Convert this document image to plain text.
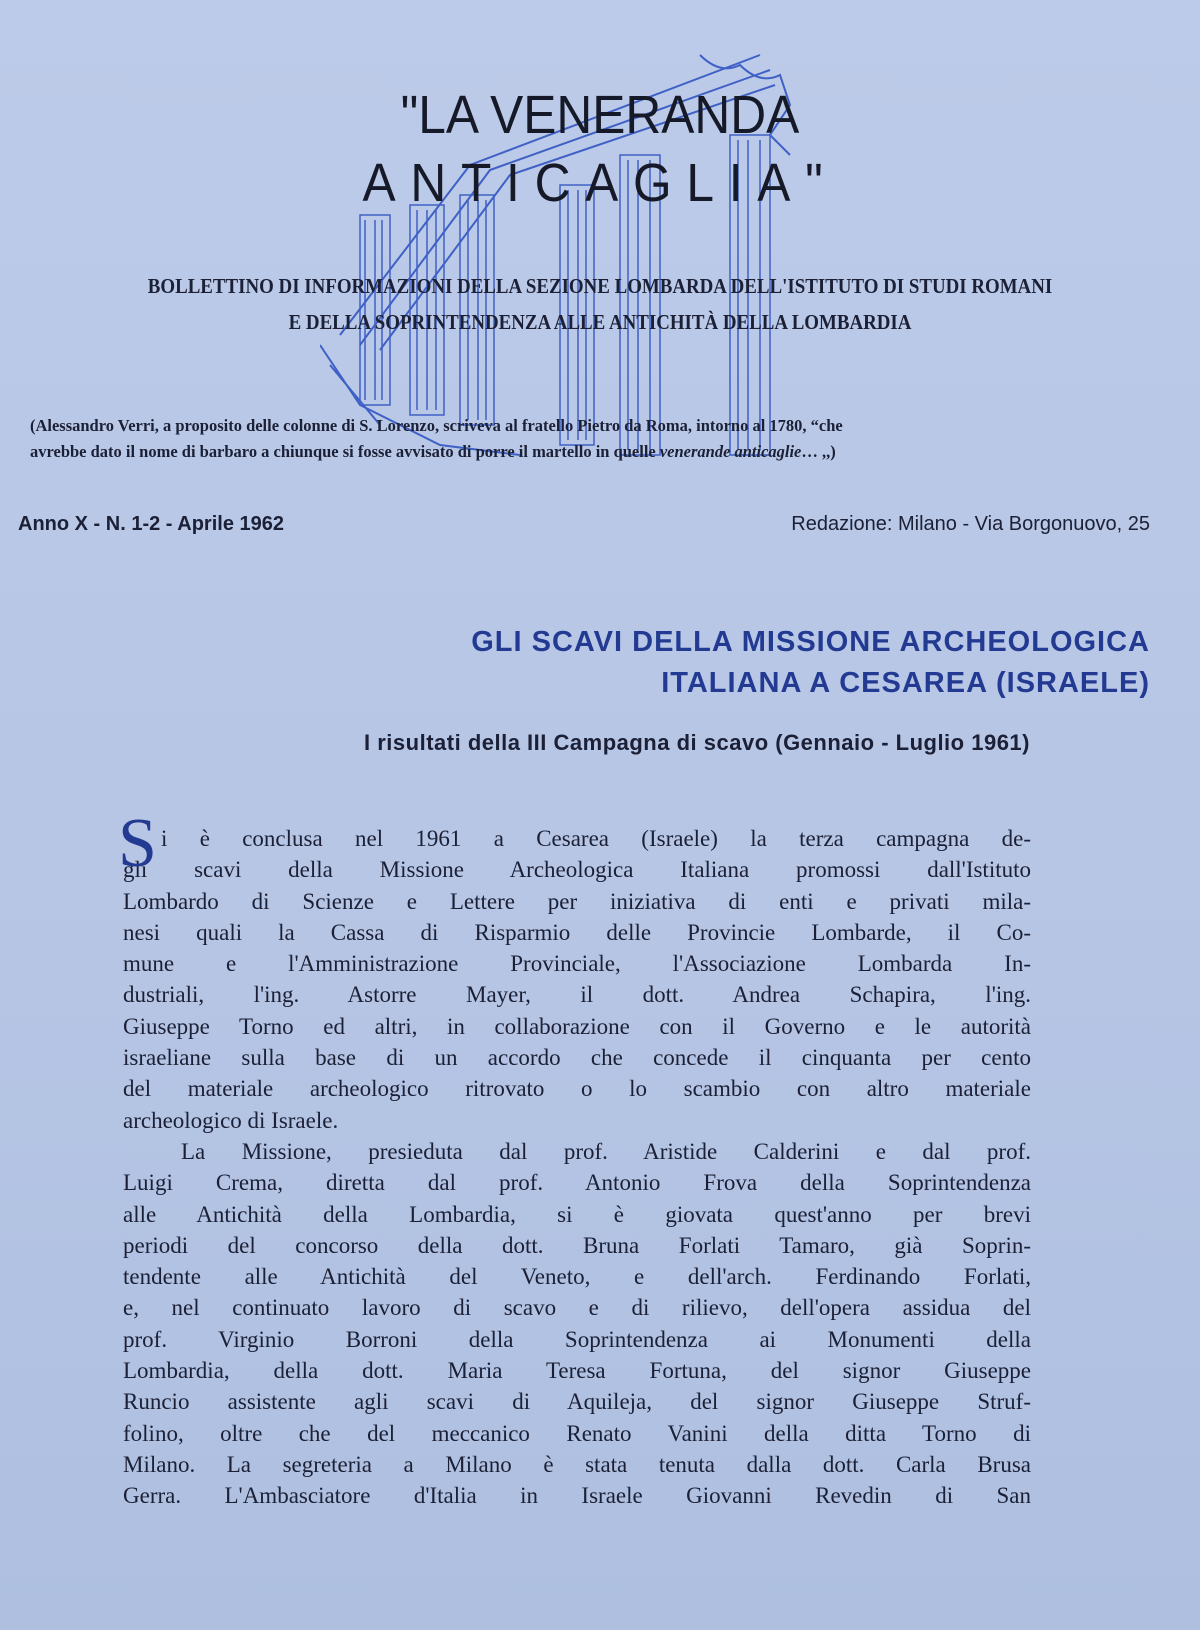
"LA VENERANDA
ANTICAGLIA"
BOLLETTINO DI INFORMAZIONI DELLA SEZIONE LOMBARDA DELL'ISTITUTO DI STUDI ROMANI
E DELLA SOPRINTENDENZA ALLE ANTICHITÀ DELLA LOMBARDIA
(Alessandro Verri, a proposito delle colonne di S. Lorenzo, scriveva al fratello Pietro da Roma, intorno al 1780, “che
avrebbe dato il nome di barbaro a chiunque si fosse avvisato di porre il martello in quelle venerande anticaglie… ,,)
Anno X - N. 1-2 - Aprile 1962	Redazione: Milano - Via Borgonuovo, 25
GLI SCAVI DELLA MISSIONE ARCHEOLOGICA
ITALIANA A CESAREA (ISRAELE)
I risultati della III Campagna di scavo (Gennaio - Luglio 1961)
S i è conclusa nel 1961 a Cesarea (Israele) la terza campagna de-
gli scavi della Missione Archeologica Italiana promossi dall'Istituto
Lombardo di Scienze e Lettere per iniziativa di enti e privati mila-
nesi quali la Cassa di Risparmio delle Provincie Lombarde, il Co-
mune e l'Amministrazione Provinciale, l'Associazione Lombarda In-
dustriali, l'ing. Astorre Mayer, il dott. Andrea Schapira, l'ing.
Giuseppe Torno ed altri, in collaborazione con il Governo e le autorità
israeliane sulla base di un accordo che concede il cinquanta per cento
del materiale archeologico ritrovato o lo scambio con altro materiale
archeologico di Israele.
La Missione, presieduta dal prof. Aristide Calderini e dal prof.
Luigi Crema, diretta dal prof. Antonio Frova della Soprintendenza
alle Antichità della Lombardia, si è giovata quest'anno per brevi
periodi del concorso della dott. Bruna Forlati Tamaro, già Soprin-
tendente alle Antichità del Veneto, e dell'arch. Ferdinando Forlati,
e, nel continuato lavoro di scavo e di rilievo, dell'opera assidua del
prof. Virginio Borroni della Soprintendenza ai Monumenti della
Lombardia, della dott. Maria Teresa Fortuna, del signor Giuseppe
Runcio assistente agli scavi di Aquileja, del signor Giuseppe Struf-
folino, oltre che del meccanico Renato Vanini della ditta Torno di
Milano. La segreteria a Milano è stata tenuta dalla dott. Carla Brusa
Gerra. L'Ambasciatore d'Italia in Israele Giovanni Revedin di San
